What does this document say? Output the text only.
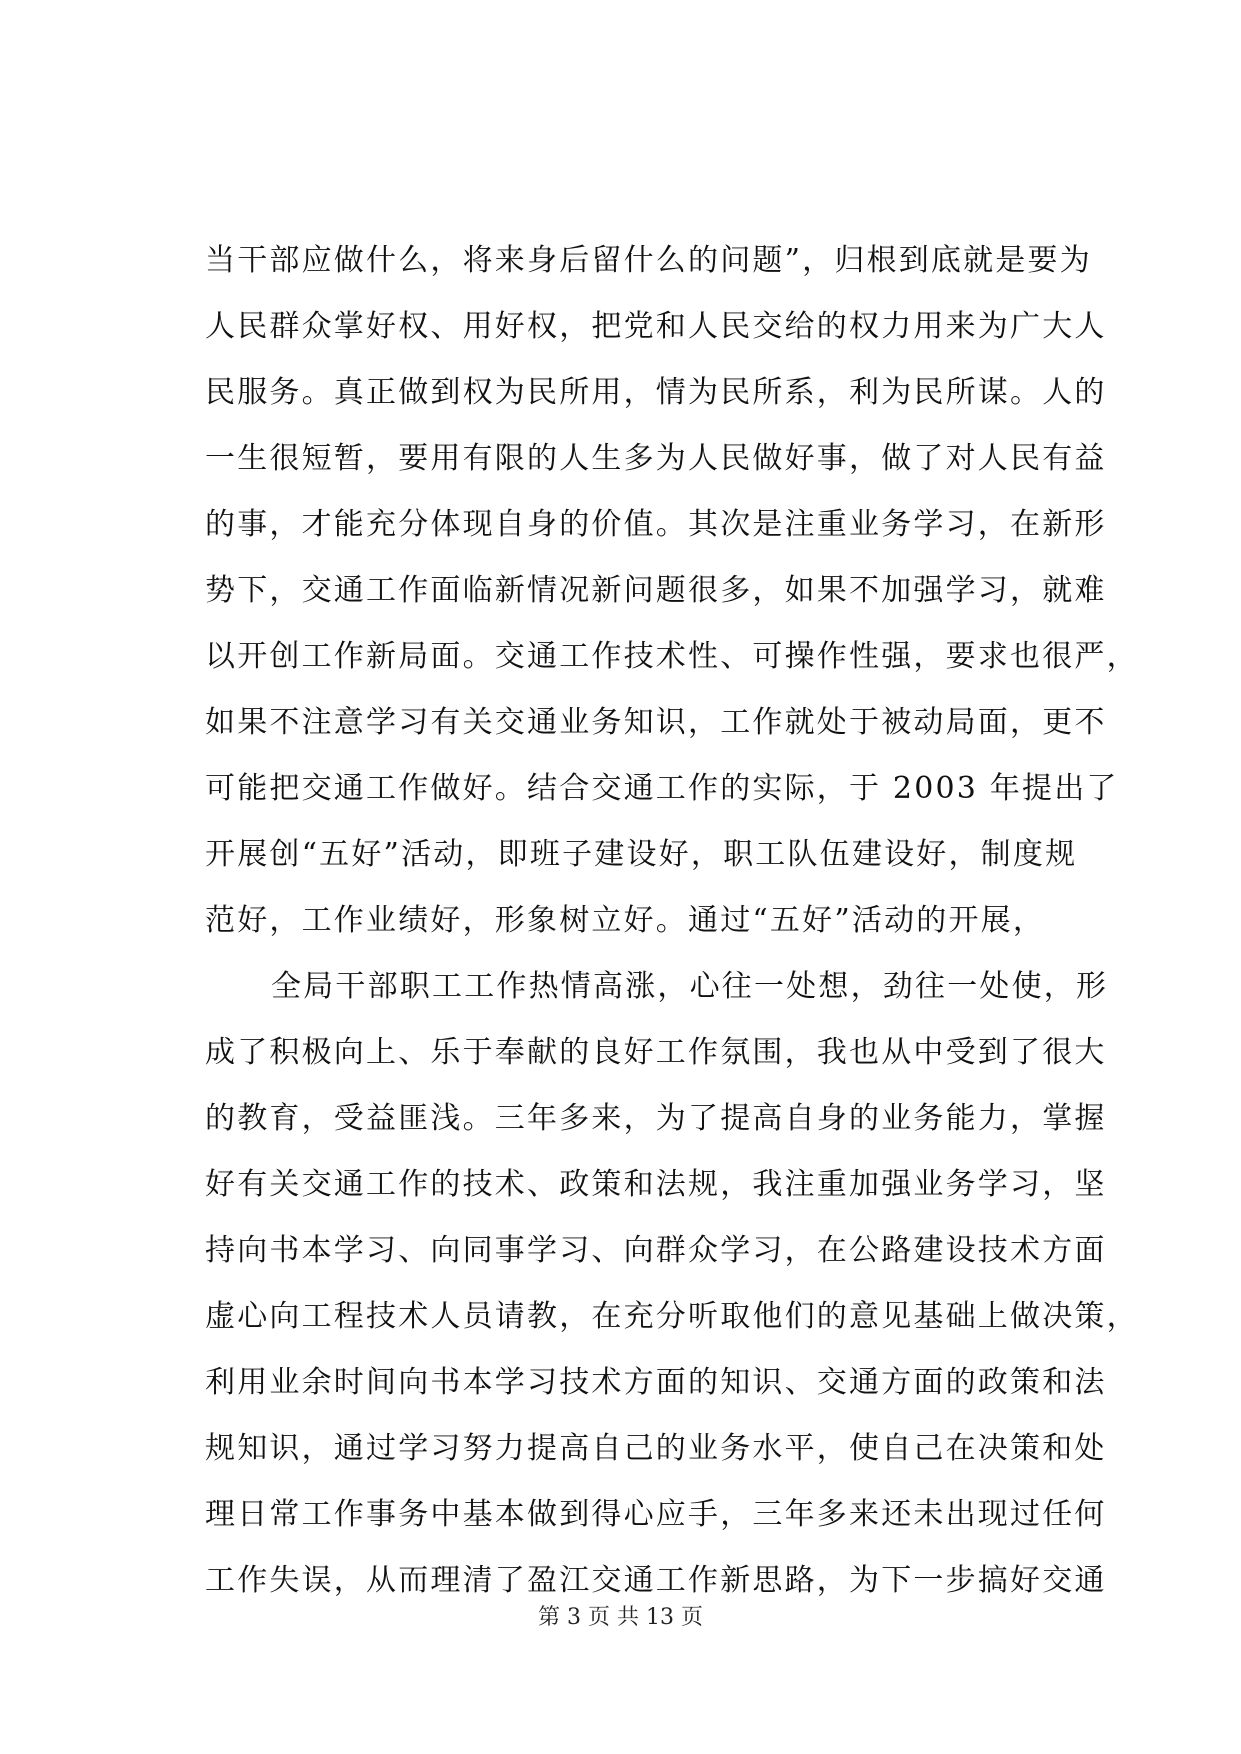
当干部应做什么，将来身后留什么的问题”，归根到底就是要为
人民群众掌好权、用好权，把党和人民交给的权力用来为广大人
民服务。真正做到权为民所用，情为民所系，利为民所谋。人的
一生很短暂，要用有限的人生多为人民做好事，做了对人民有益
的事，才能充分体现自身的价值。其次是注重业务学习，在新形
势下，交通工作面临新情况新问题很多，如果不加强学习，就难
以开创工作新局面。交通工作技术性、可操作性强，要求也很严，
如果不注意学习有关交通业务知识，工作就处于被动局面，更不
可能把交通工作做好。结合交通工作的实际，于 2003 年提出了
开展创“五好”活动，即班子建设好，职工队伍建设好，制度规
范好，工作业绩好，形象树立好。通过“五好”活动的开展，
全局干部职工工作热情高涨，心往一处想，劲往一处使，形
成了积极向上、乐于奉献的良好工作氛围，我也从中受到了很大
的教育，受益匪浅。三年多来，为了提高自身的业务能力，掌握
好有关交通工作的技术、政策和法规，我注重加强业务学习，坚
持向书本学习、向同事学习、向群众学习，在公路建设技术方面
虚心向工程技术人员请教，在充分听取他们的意见基础上做决策，
利用业余时间向书本学习技术方面的知识、交通方面的政策和法
规知识，通过学习努力提高自己的业务水平，使自己在决策和处
理日常工作事务中基本做到得心应手，三年多来还未出现过任何
工作失误，从而理清了盈江交通工作新思路，为下一步搞好交通
第 3 页 共 13 页
